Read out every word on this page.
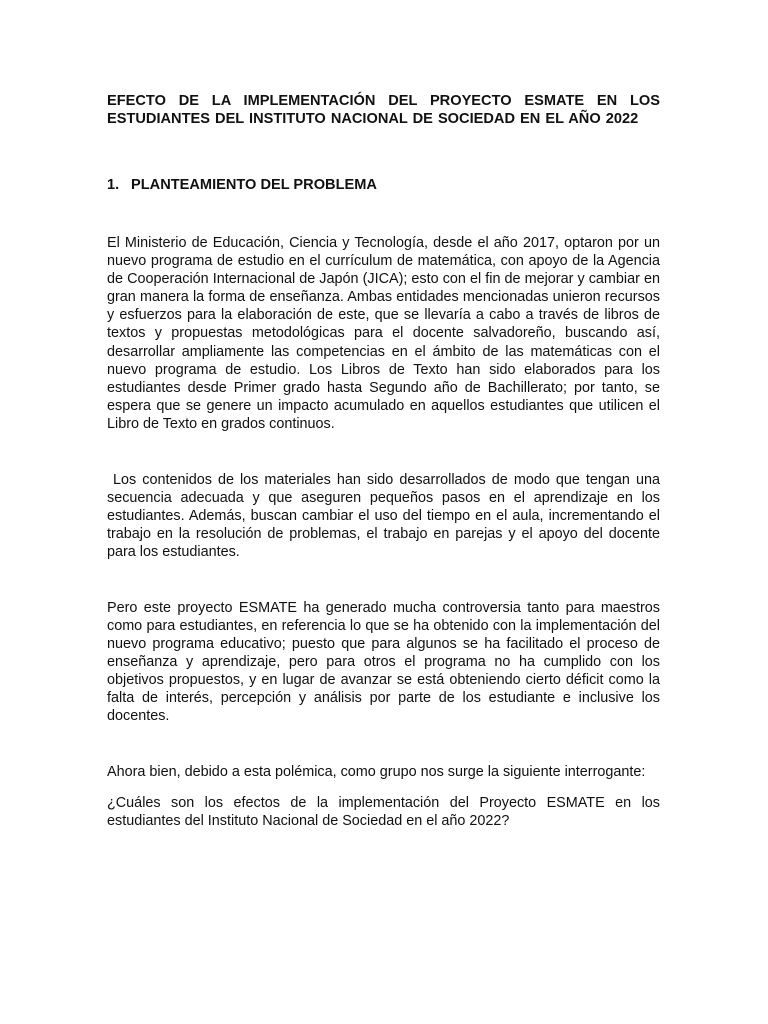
EFECTO DE LA IMPLEMENTACIÓN DEL PROYECTO ESMATE EN LOS ESTUDIANTES DEL INSTITUTO NACIONAL DE SOCIEDAD EN EL AÑO 2022
1. PLANTEAMIENTO DEL PROBLEMA

El Ministerio de Educación, Ciencia y Tecnología, desde el año 2017, optaron por un nuevo programa de estudio en el currículum de matemática, con apoyo de la Agencia de Cooperación Internacional de Japón (JICA); esto con el fin de mejorar y cambiar en gran manera la forma de enseñanza. Ambas entidades mencionadas unieron recursos y esfuerzos para la elaboración de este, que se llevaría a cabo a través de libros de textos y propuestas metodológicas para el docente salvadoreño, buscando así, desarrollar ampliamente las competencias en el ámbito de las matemáticas con el nuevo programa de estudio. Los Libros de Texto han sido elaborados para los estudiantes desde Primer grado hasta Segundo año de Bachillerato; por tanto, se espera que se genere un impacto acumulado en aquellos estudiantes que utilicen el Libro de Texto en grados continuos.

Los contenidos de los materiales han sido desarrollados de modo que tengan una secuencia adecuada y que aseguren pequeños pasos en el aprendizaje en los estudiantes. Además, buscan cambiar el uso del tiempo en el aula, incrementando el trabajo en la resolución de problemas, el trabajo en parejas y el apoyo del docente para los estudiantes.

Pero este proyecto ESMATE ha generado mucha controversia tanto para maestros como para estudiantes, en referencia lo que se ha obtenido con la implementación del nuevo programa educativo; puesto que para algunos se ha facilitado el proceso de enseñanza y aprendizaje, pero para otros el programa no ha cumplido con los objetivos propuestos, y en lugar de avanzar se está obteniendo cierto déficit como la falta de interés, percepción y análisis por parte de los estudiante e inclusive los docentes.

Ahora bien, debido a esta polémica, como grupo nos surge la siguiente interrogante:

¿Cuáles son los efectos de la implementación del Proyecto ESMATE en los estudiantes del Instituto Nacional de Sociedad en el año 2022?
